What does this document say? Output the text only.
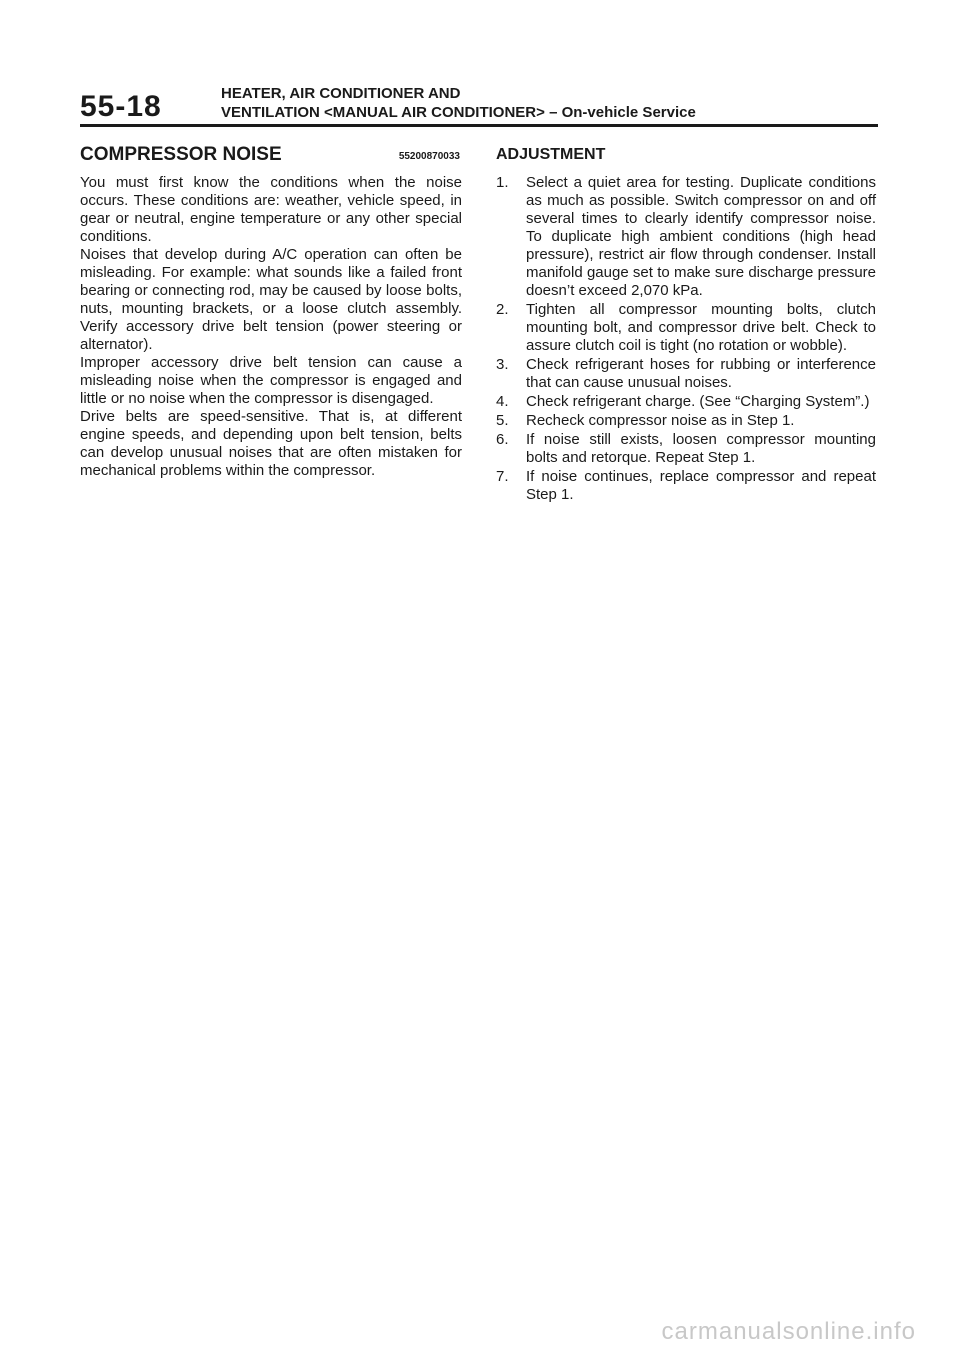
55-18	HEATER, AIR CONDITIONER AND
VENTILATION <MANUAL AIR CONDITIONER> – On-vehicle Service
COMPRESSOR NOISE	55200870033

You must first know the conditions when the noise occurs. These conditions are: weather, vehicle speed, in gear or neutral, engine temperature or any other special conditions.

Noises that develop during A/C operation can often be misleading. For example: what sounds like a failed front bearing or connecting rod, may be caused by loose bolts, nuts, mounting brackets, or a loose clutch assembly. Verify accessory drive belt tension (power steering or alternator).

Improper accessory drive belt tension can cause a misleading noise when the compressor is engaged and little or no noise when the compressor is disengaged.

Drive belts are speed-sensitive. That is, at different engine speeds, and depending upon belt tension, belts can develop unusual noises that are often mistaken for mechanical problems within the compressor.

ADJUSTMENT
1.	Select a quiet area for testing. Duplicate conditions as much as possible. Switch compressor on and off several times to clearly identify compressor noise. To duplicate high ambient conditions (high head pressure), restrict air flow through condenser. Install manifold gauge set to make sure discharge pressure doesn’t exceed 2,070 kPa.
2.	Tighten all compressor mounting bolts, clutch mounting bolt, and compressor drive belt. Check to assure clutch coil is tight (no rotation or wobble).
3.	Check refrigerant hoses for rubbing or interference that can cause unusual noises.
4.	Check refrigerant charge. (See “Charging System”.)
5.	Recheck compressor noise as in Step 1.
6.	If noise still exists, loosen compressor mounting bolts and retorque. Repeat Step 1.
7.	If noise continues, replace compressor and repeat Step 1.
carmanualsonline.info
